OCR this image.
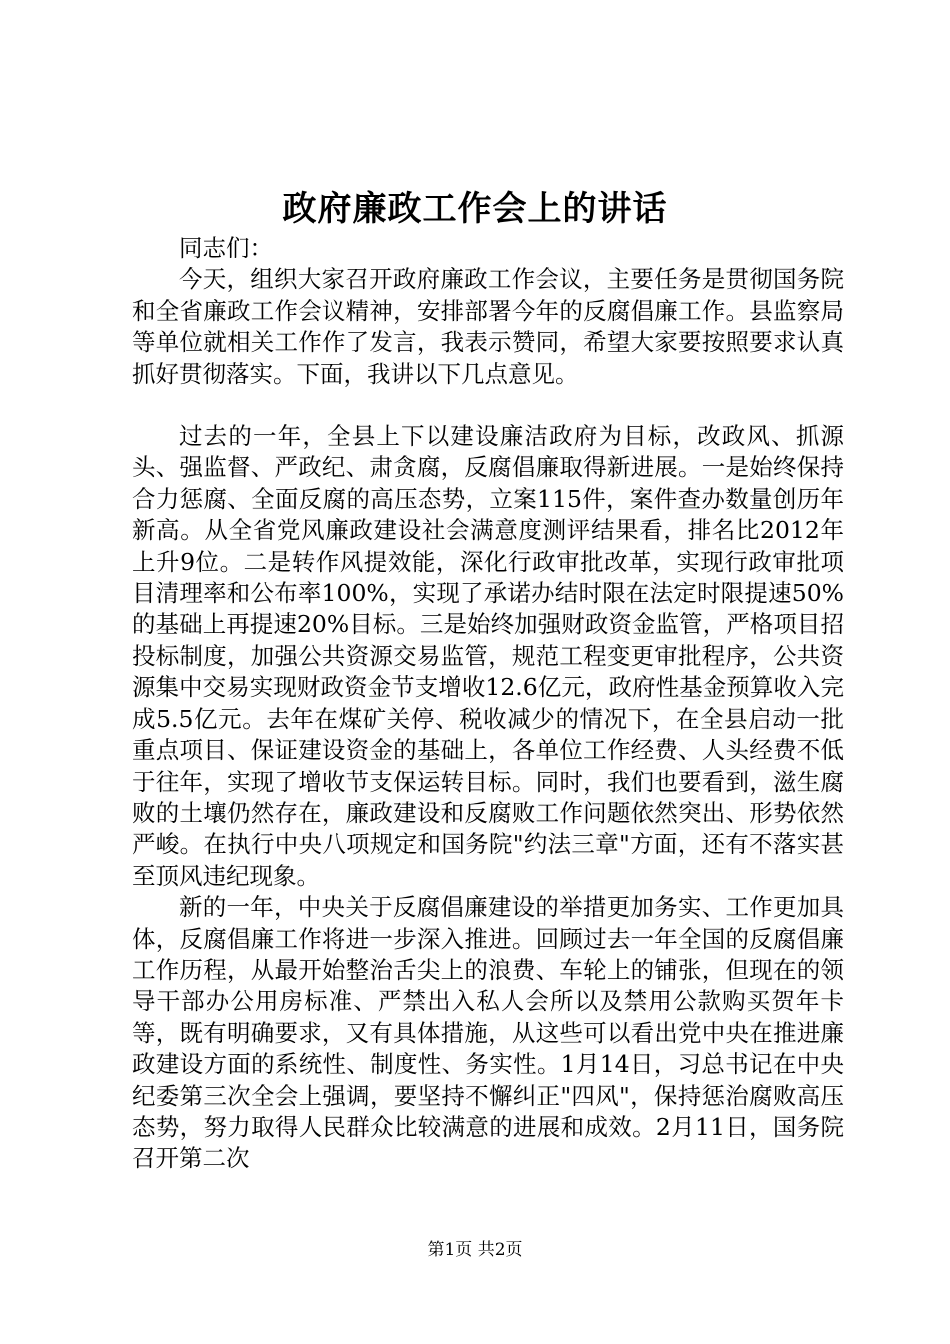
政府廉政工作会上的讲话

同志们：

今天，组织大家召开政府廉政工作会议，主要任务是贯彻国务院和全省廉政工作会议精神，安排部署今年的反腐倡廉工作。县监察局等单位就相关工作作了发言，我表示赞同，希望大家要按照要求认真抓好贯彻落实。下面，我讲以下几点意见。

过去的一年，全县上下以建设廉洁政府为目标，改政风、抓源头、强监督、严政纪、肃贪腐，反腐倡廉取得新进展。一是始终保持合力惩腐、全面反腐的高压态势，立案115件，案件查办数量创历年新高。从全省党风廉政建设社会满意度测评结果看，排名比2012年上升9位。二是转作风提效能，深化行政审批改革，实现行政审批项目清理率和公布率100%，实现了承诺办结时限在法定时限提速50%的基础上再提速20%目标。三是始终加强财政资金监管，严格项目招投标制度，加强公共资源交易监管，规范工程变更审批程序，公共资源集中交易实现财政资金节支增收12.6亿元，政府性基金预算收入完成5.5亿元。去年在煤矿关停、税收减少的情况下，在全县启动一批重点项目、保证建设资金的基础上，各单位工作经费、人头经费不低于往年，实现了增收节支保运转目标。同时，我们也要看到，滋生腐败的土壤仍然存在，廉政建设和反腐败工作问题依然突出、形势依然严峻。在执行中央八项规定和国务院"约法三章"方面，还有不落实甚至顶风违纪现象。

新的一年，中央关于反腐倡廉建设的举措更加务实、工作更加具体，反腐倡廉工作将进一步深入推进。回顾过去一年全国的反腐倡廉工作历程，从最开始整治舌尖上的浪费、车轮上的铺张，但现在的领导干部办公用房标准、严禁出入私人会所以及禁用公款购买贺年卡等，既有明确要求，又有具体措施，从这些可以看出党中央在推进廉政建设方面的系统性、制度性、务实性。1月14日，习总书记在中央纪委第三次全会上强调，要坚持不懈纠正"四风"，保持惩治腐败高压态势，努力取得人民群众比较满意的进展和成效。2月11日，国务院召开第二次

第1页 共2页
